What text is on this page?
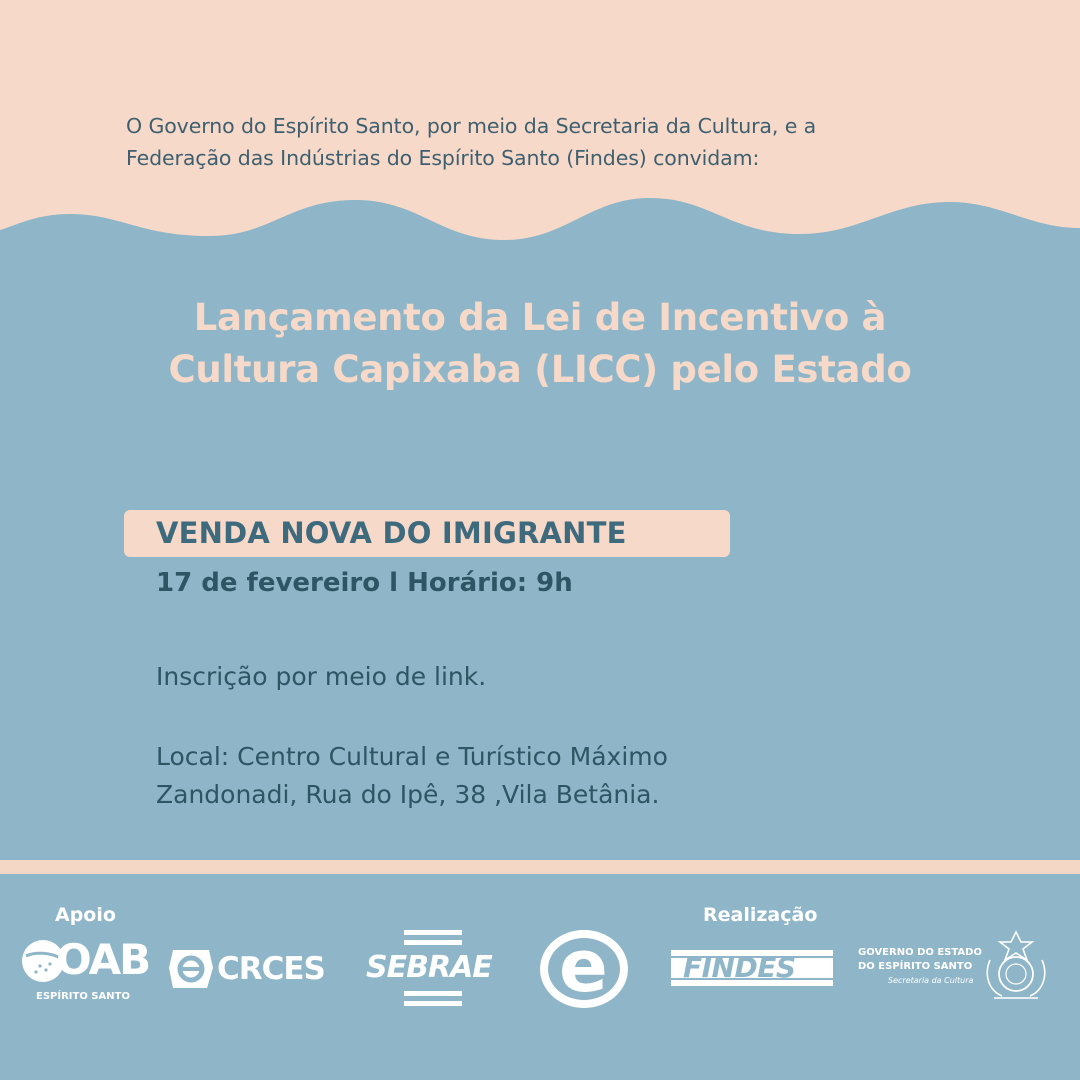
O Governo do Espírito Santo, por meio da Secretaria da Cultura, e a

Federação das Indústrias do Espírito Santo (Findes) convidam:

Lançamento da Lei de Incentivo à

Cultura Capixaba (LICC) pelo Estado

VENDA NOVA DO IMIGRANTE
17 de fevereiro l Horário: 9h

Inscrição por meio de link.

Local: Centro Cultural e Turístico Máximo

Zandonadi, Rua do Ipê, 38 ,Vila Betânia.

Apoio	Realização
OAB
ESPÍRITO SANTO
CRCES SEBRAE e	FINDES	GOVERNO DO ESTADO
DO ESPÍRITO SANTO
Secretaria da Cultura
